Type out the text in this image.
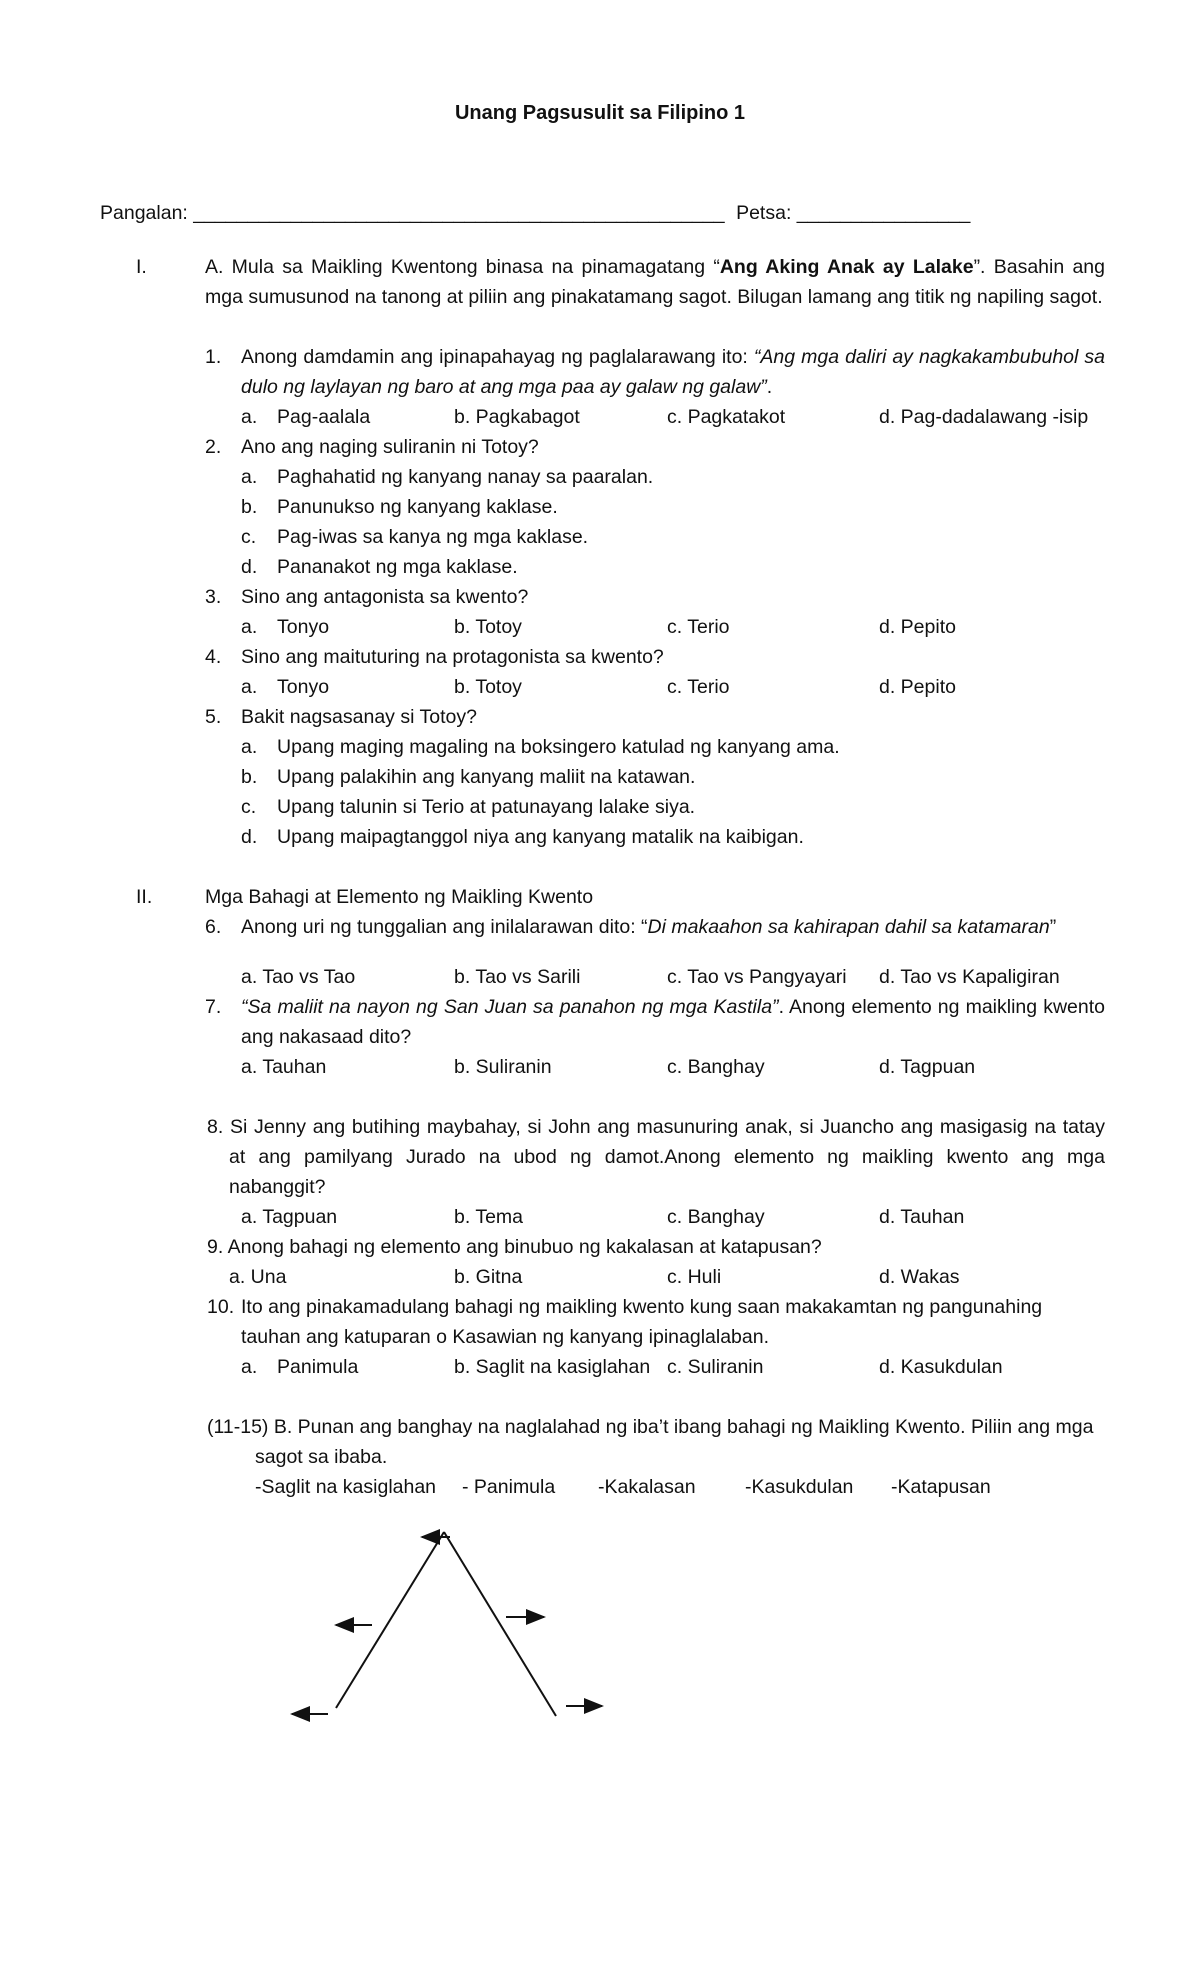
Unang Pagsusulit sa Filipino 1
Pangalan: _________________________________________________ Petsa: ________________
I.	A. Mula sa Maikling Kwentong binasa na pinamagatang “Ang Aking Anak ay Lalake”. Basahin ang mga sumusunod na tanong at piliin ang pinakatamang sagot. Bilugan lamang ang titik ng napiling sagot.
1. Anong damdamin ang ipinapahayag ng paglalarawang ito: “Ang mga daliri ay nagkakambubuhol sa dulo ng laylayan ng baro at ang mga paa ay galaw ng galaw”.
a. Pag-aalala	b. Pagkabagot	c. Pagkatakot	d. Pag-dadalawang -isip
2. Ano ang naging suliranin ni Totoy?
a. Paghahatid ng kanyang nanay sa paaralan.
b. Panunukso ng kanyang kaklase.
c. Pag-iwas sa kanya ng mga kaklase.
d. Pananakot ng mga kaklase.
3. Sino ang antagonista sa kwento?
a. Tonyo	b. Totoy	c. Terio	d. Pepito
4. Sino ang maituturing na protagonista sa kwento?
a. Tonyo	b. Totoy	c. Terio	d. Pepito
5. Bakit nagsasanay si Totoy?
a. Upang maging magaling na boksingero katulad ng kanyang ama.
b. Upang palakihin ang kanyang maliit na katawan.
c. Upang talunin si Terio at patunayang lalake siya.
d. Upang maipagtanggol niya ang kanyang matalik na kaibigan.
II.	Mga Bahagi at Elemento ng Maikling Kwento
6. Anong uri ng tunggalian ang inilalarawan dito: “Di makaahon sa kahirapan dahil sa katamaran”
a. Tao vs Tao	b. Tao vs Sarili	c. Tao vs Pangyayari d. Tao vs Kapaligiran
7. “Sa maliit na nayon ng San Juan sa panahon ng mga Kastila”. Anong elemento ng maikling kwento ang nakasaad dito?
a. Tauhan	b. Suliranin	c. Banghay	d. Tagpuan
8. Si Jenny ang butihing maybahay, si John ang masunuring anak, si Juancho ang masigasig na tatay at ang pamilyang Jurado na ubod ng damot.Anong elemento ng maikling kwento ang mga nabanggit?
a. Tagpuan	b. Tema	c. Banghay	d. Tauhan
9. Anong bahagi ng elemento ang binubuo ng kakalasan at katapusan?
a. Una	b. Gitna	c. Huli	d. Wakas
10. Ito ang pinakamadulang bahagi ng maikling kwento kung saan makakamtan ng pangunahing tauhan ang katuparan o Kasawian ng kanyang ipinaglalaban.
a. Panimula	b. Saglit na kasiglahan c. Suliranin	d. Kasukdulan
(11-15) B. Punan ang banghay na naglalahad ng iba’t ibang bahagi ng Maikling Kwento. Piliin ang mga sagot sa ibaba.
-Saglit na kasiglahan - Panimula -Kakalasan	-Kasukdulan -Katapusan
